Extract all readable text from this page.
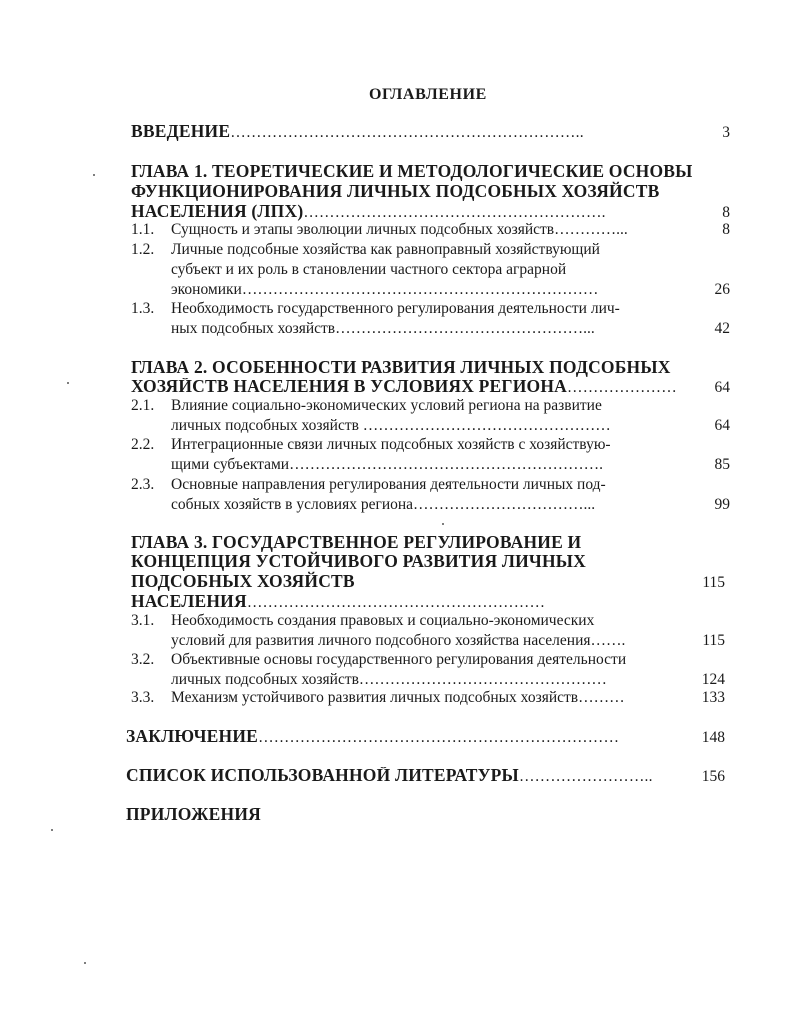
ОГЛАВЛЕНИЕ
ВВЕДЕНИЕ…………………………………………………………..	3
ГЛАВА 1. ТЕОРЕТИЧЕСКИЕ И МЕТОДОЛОГИЧЕСКИЕ ОСНОВЫ
ФУНКЦИОНИРОВАНИЯ ЛИЧНЫХ ПОДСОБНЫХ ХОЗЯЙСТВ
НАСЕЛЕНИЯ (ЛПХ)………………………………………………….	8
1.1. Сущность и этапы эволюции личных подсобных хозяйств…………...	8
1.2. Личные подсобные хозяйства как равноправный хозяйствующий
субъект и их роль в становлении частного сектора аграрной
экономики……………………………………………………………	26
1.3. Необходимость государственного регулирования деятельности лич-
ных подсобных хозяйств…………………………………………...	42
ГЛАВА 2. ОСОБЕННОСТИ РАЗВИТИЯ ЛИЧНЫХ ПОДСОБНЫХ
ХОЗЯЙСТВ НАСЕЛЕНИЯ В УСЛОВИЯХ РЕГИОНА…………………	64
2.1. Влияние социально-экономических условий региона на развитие
личных подсобных хозяйств …………………………………………	64
2.2. Интеграционные связи личных подсобных хозяйств с хозяйствую-
щими субъектами…………………………………………………….	85
2.3. Основные направления регулирования деятельности личных под-
собных хозяйств в условиях региона……………………………...	99
ГЛАВА 3. ГОСУДАРСТВЕННОЕ РЕГУЛИРОВАНИЕ И
КОНЦЕПЦИЯ УСТОЙЧИВОГО РАЗВИТИЯ ЛИЧНЫХ
ПОДСОБНЫХ ХОЗЯЙСТВ	115
НАСЕЛЕНИЯ…………………………………………………
3.1. Необходимость создания правовых и социально-экономических
условий для развития личного подсобного хозяйства населения…….	115
3.2. Объективные основы государственного регулирования деятельности
личных подсобных хозяйств…………………………………………	124
3.3. Механизм устойчивого развития личных подсобных хозяйств………	133
ЗАКЛЮЧЕНИЕ……………………………………………………………	148
СПИСОК ИСПОЛЬЗОВАННОЙ ЛИТЕРАТУРЫ……………………..	156
ПРИЛОЖЕНИЯ
